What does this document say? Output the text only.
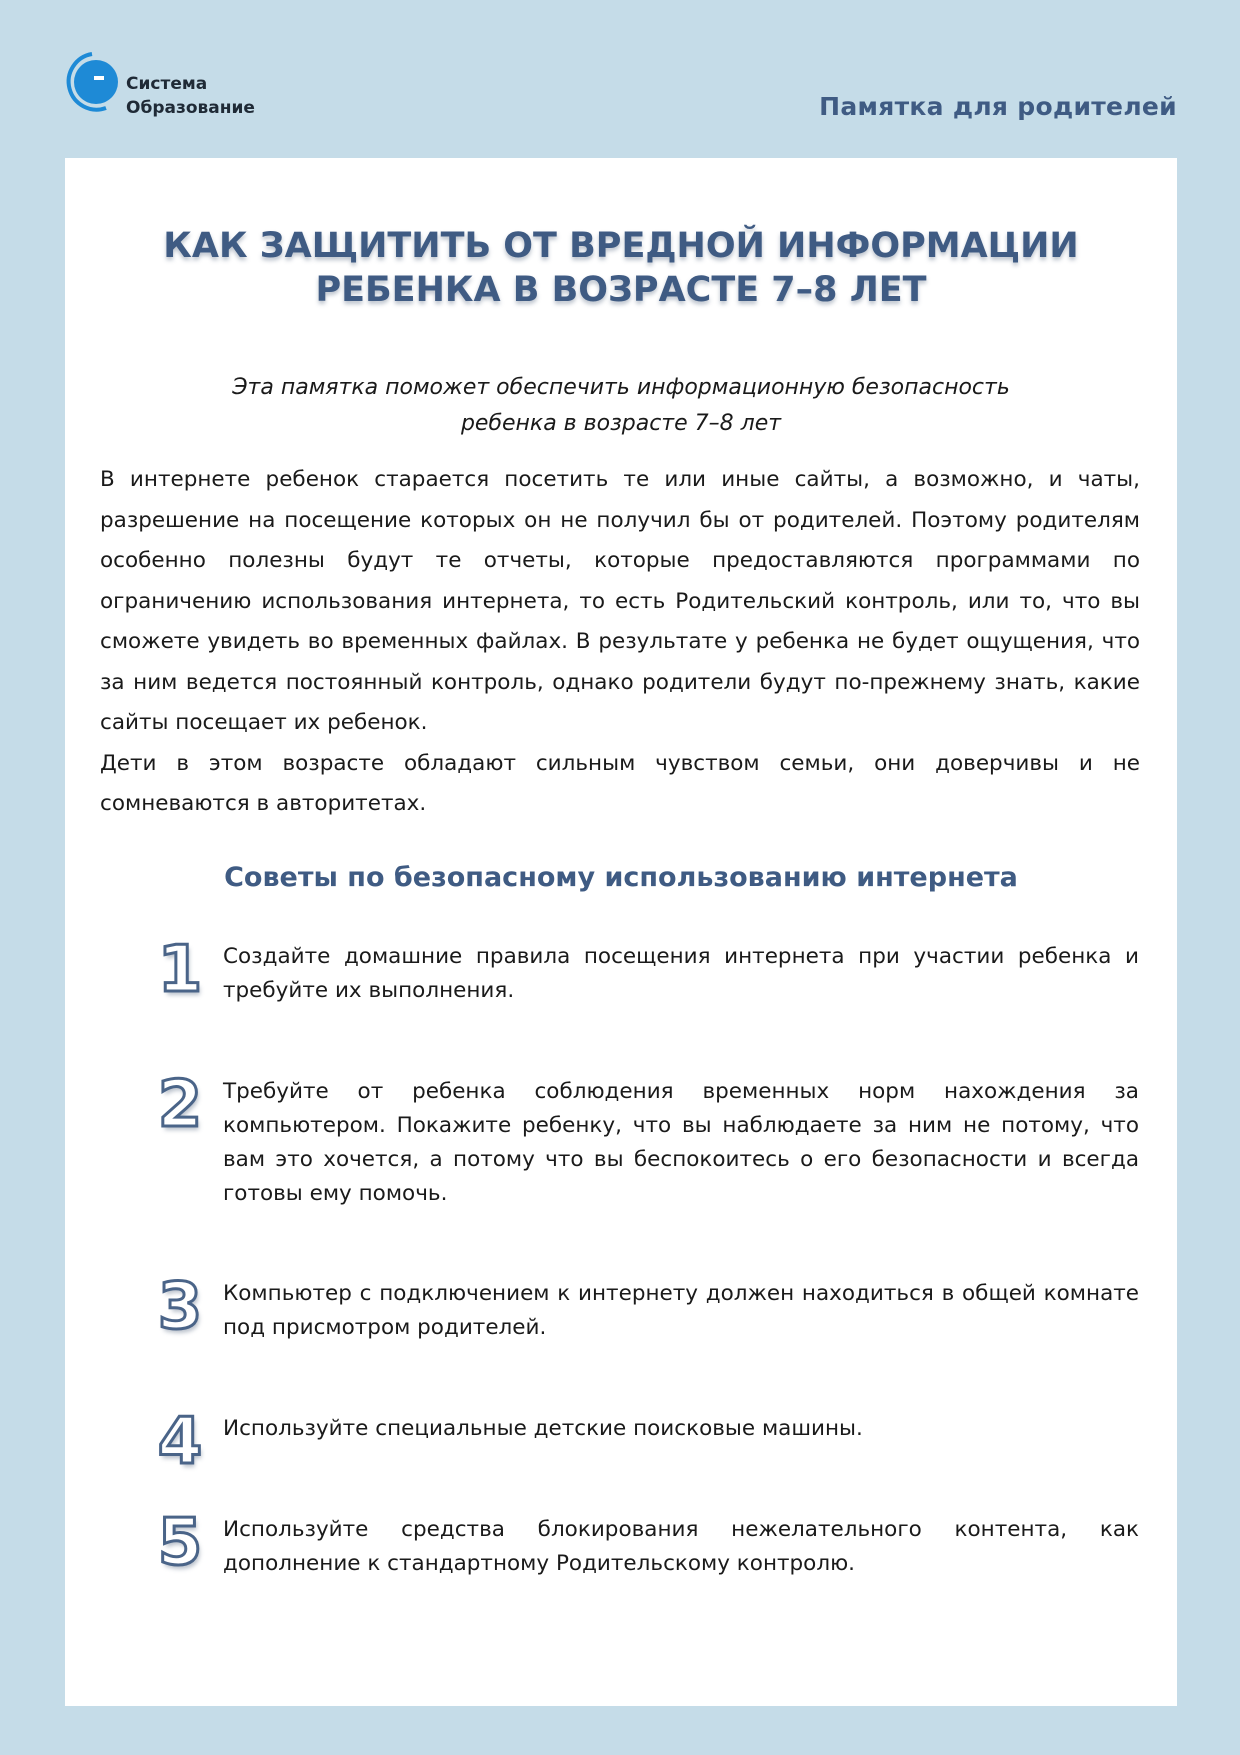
Система
Образование	Памятка для родителей
КАК ЗАЩИТИТЬ ОТ ВРЕДНОЙ ИНФОРМАЦИИ
РЕБЕНКА В ВОЗРАСТЕ 7–8 ЛЕТ
Эта памятка поможет обеспечить информационную безопасность
ребенка в возрасте 7–8 лет

В интернете ребенок старается посетить те или иные сайты, а возможно, и чаты, разрешение на посещение которых он не получил бы от родителей. Поэтому родителям особенно полезны будут те отчеты, которые предоставляются программами по ограничению использования интернета, то есть Родительский контроль, или то, что вы сможете увидеть во временных файлах. В результате у ребенка не будет ощущения, что за ним ведется постоянный контроль, однако родители будут по-прежнему знать, какие сайты посещает их ребенок.

Дети в этом возрасте обладают сильным чувством семьи, они доверчивы и не сомневаются в авторитетах.

Советы по безопасному использованию интернета
1 Создайте домашние правила посещения интернета при участии ребенка и требуйте их выполнения.
2 Требуйте от ребенка соблюдения временных норм нахождения за компьютером. Покажите ребенку, что вы наблюдаете за ним не потому, что вам это хочется, а потому что вы беспокоитесь о его безопасности и всегда готовы ему помочь.
3 Компьютер с подключением к интернету должен находиться в общей комнате под присмотром родителей.
4 Используйте специальные детские поисковые машины.
5 Используйте средства блокирования нежелательного контента, как дополнение к стандартному Родительскому контролю.
